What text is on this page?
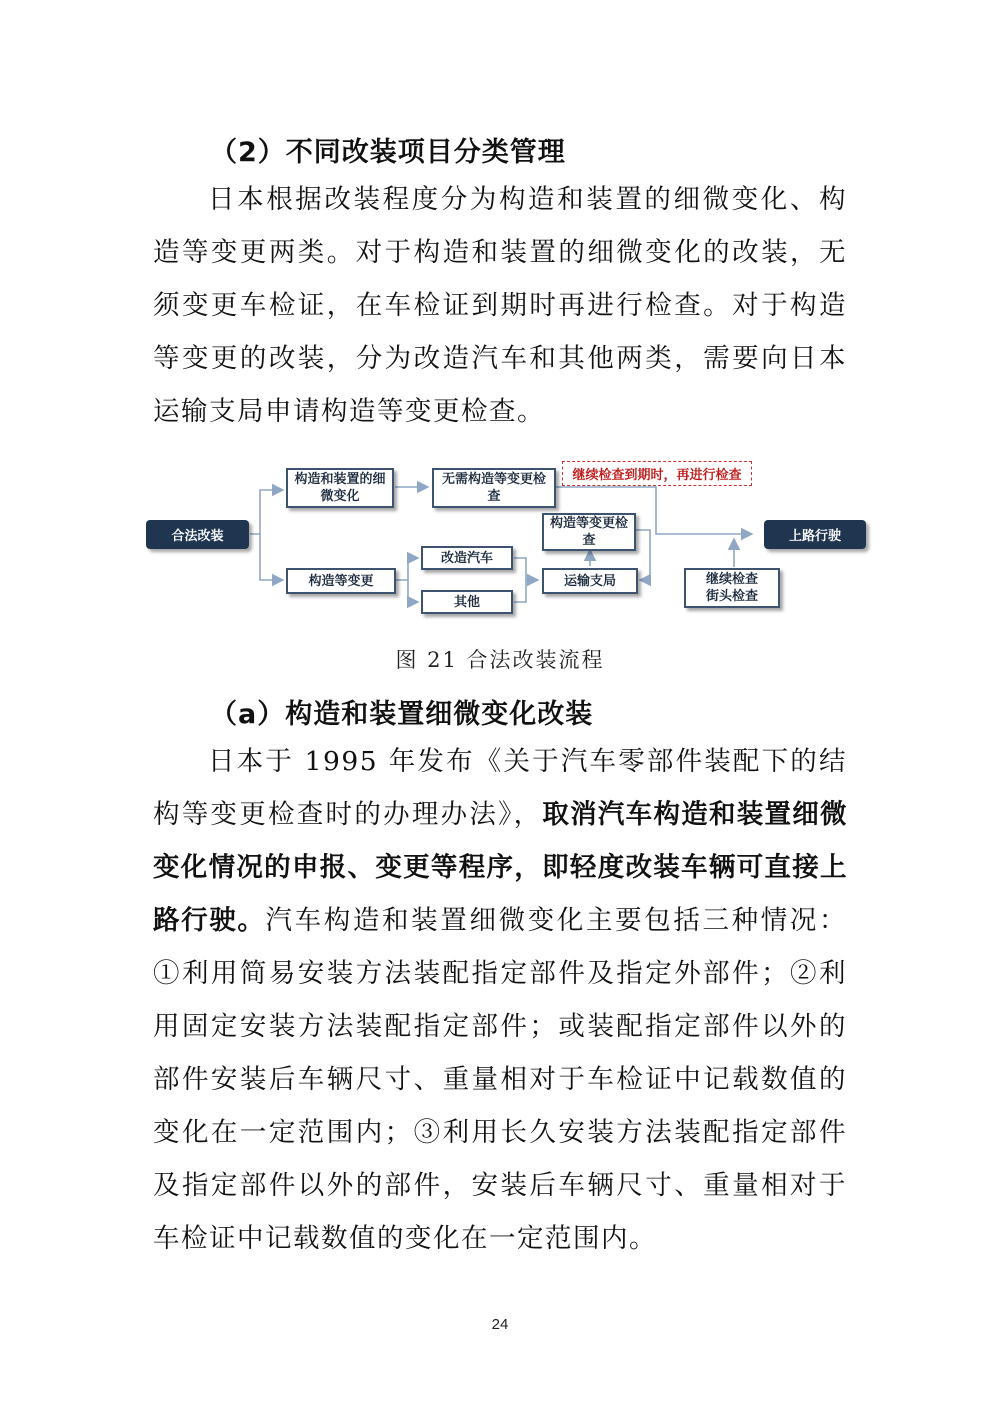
（2）不同改装项目分类管理
日本根据改装程度分为构造和装置的细微变化、构造等变更两类。对于构造和装置的细微变化的改装，无须变更车检证，在车检证到期时再进行检查。对于构造等变更的改装，分为改造汽车和其他两类，需要向日本运输支局申请构造等变更检查。
合法改装
构造和装置的细微变化
无需构造等变更检查
继续检查到期时，再进行检查
构造等变更
改造汽车
其他
运输支局
构造等变更检查
继续检查街头检查
上路行驶
图 21 合法改装流程
（a）构造和装置细微变化改装
日本于 1995 年发布《关于汽车零部件装配下的结构等变更检查时的办理办法》，取消汽车构造和装置细微变化情况的申报、变更等程序，即轻度改装车辆可直接上路行驶。汽车构造和装置细微变化主要包括三种情况：①利用简易安装方法装配指定部件及指定外部件；②利用固定安装方法装配指定部件；或装配指定部件以外的部件安装后车辆尺寸、重量相对于车检证中记载数值的变化在一定范围内；③利用长久安装方法装配指定部件及指定部件以外的部件，安装后车辆尺寸、重量相对于车检证中记载数值的变化在一定范围内。
24
